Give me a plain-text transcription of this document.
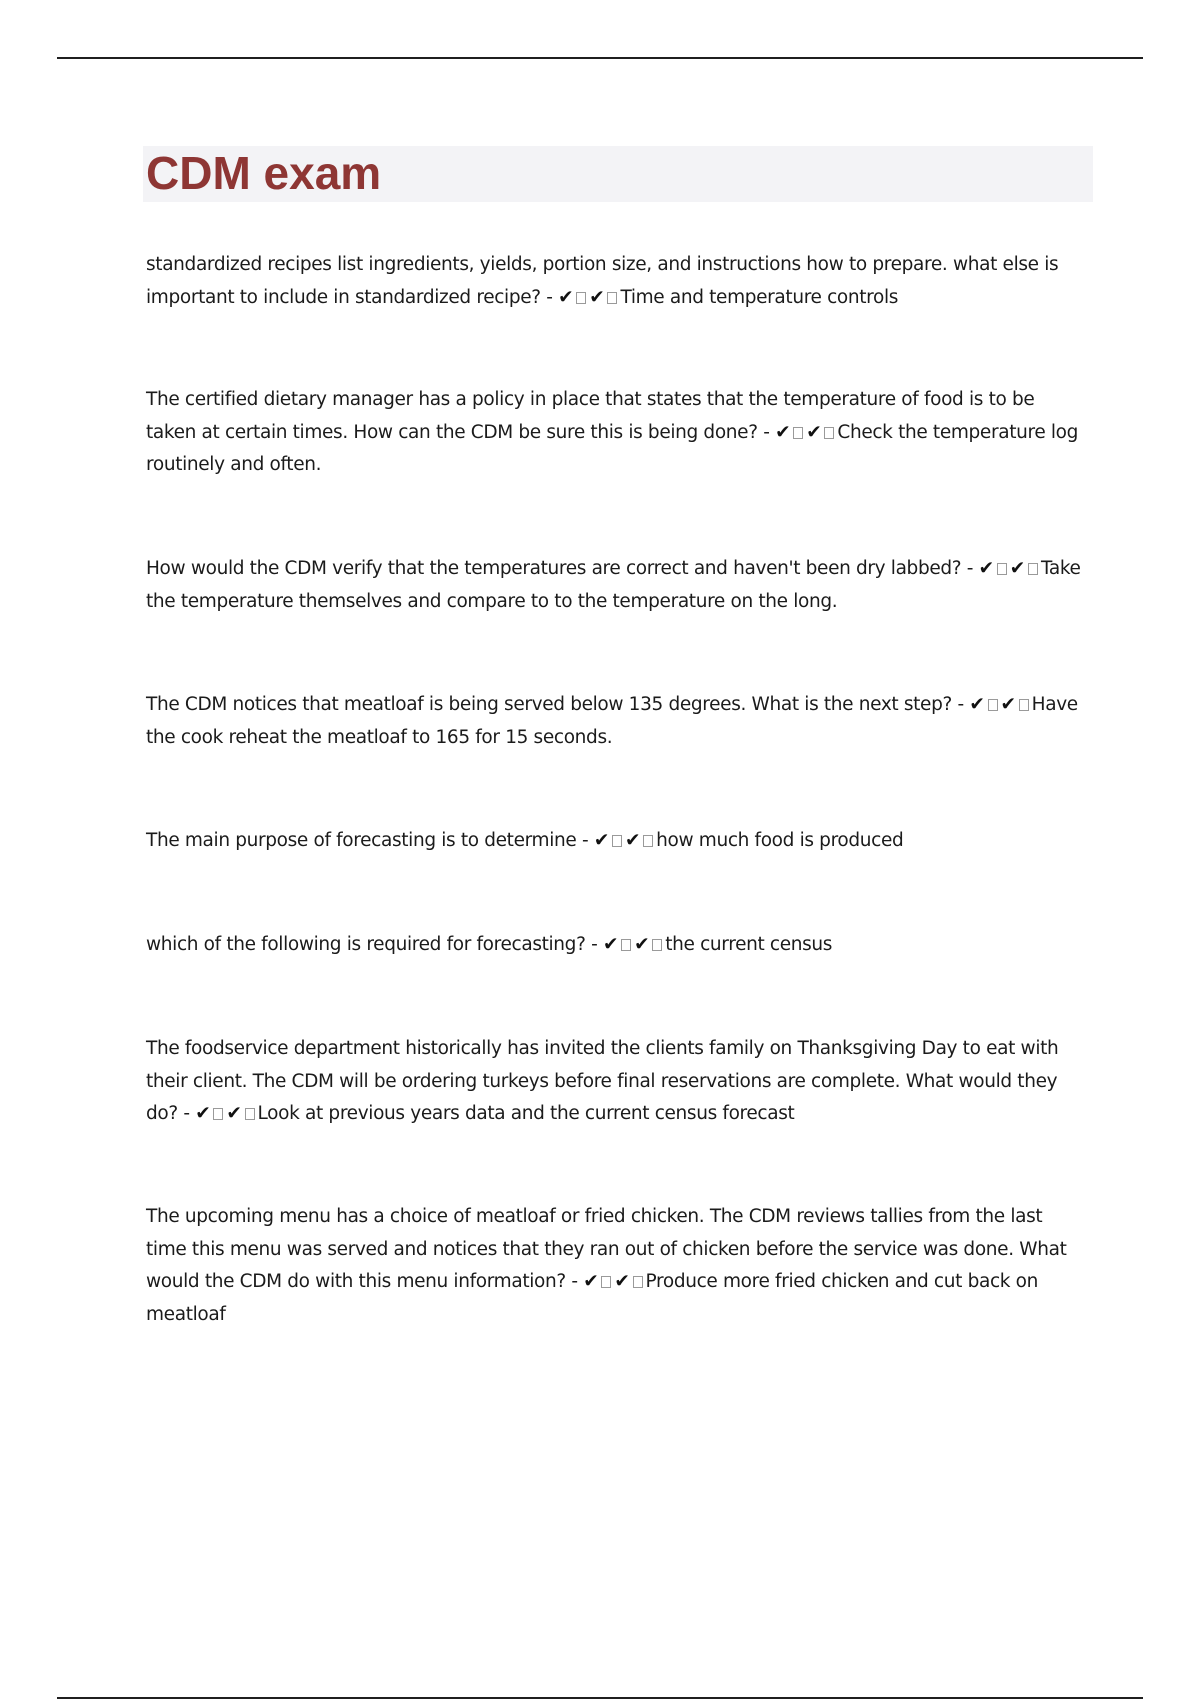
CDM exam

standardized recipes list ingredients, yields, portion size, and instructions how to prepare. what else is important to include in standardized recipe? - ✔ ✔ Time and temperature controls

The certified dietary manager has a policy in place that states that the temperature of food is to be taken at certain times. How can the CDM be sure this is being done? - ✔ ✔ Check the temperature log routinely and often.

How would the CDM verify that the temperatures are correct and haven't been dry labbed? - ✔ ✔ Take the temperature themselves and compare to to the temperature on the long.

The CDM notices that meatloaf is being served below 135 degrees. What is the next step? - ✔ ✔ Have the cook reheat the meatloaf to 165 for 15 seconds.

The main purpose of forecasting is to determine - ✔ ✔ how much food is produced

which of the following is required for forecasting? - ✔ ✔ the current census

The foodservice department historically has invited the clients family on Thanksgiving Day to eat with their client. The CDM will be ordering turkeys before final reservations are complete. What would they do? - ✔ ✔ Look at previous years data and the current census forecast

The upcoming menu has a choice of meatloaf or fried chicken. The CDM reviews tallies from the last time this menu was served and notices that they ran out of chicken before the service was done. What would the CDM do with this menu information? - ✔ ✔ Produce more fried chicken and cut back on meatloaf
